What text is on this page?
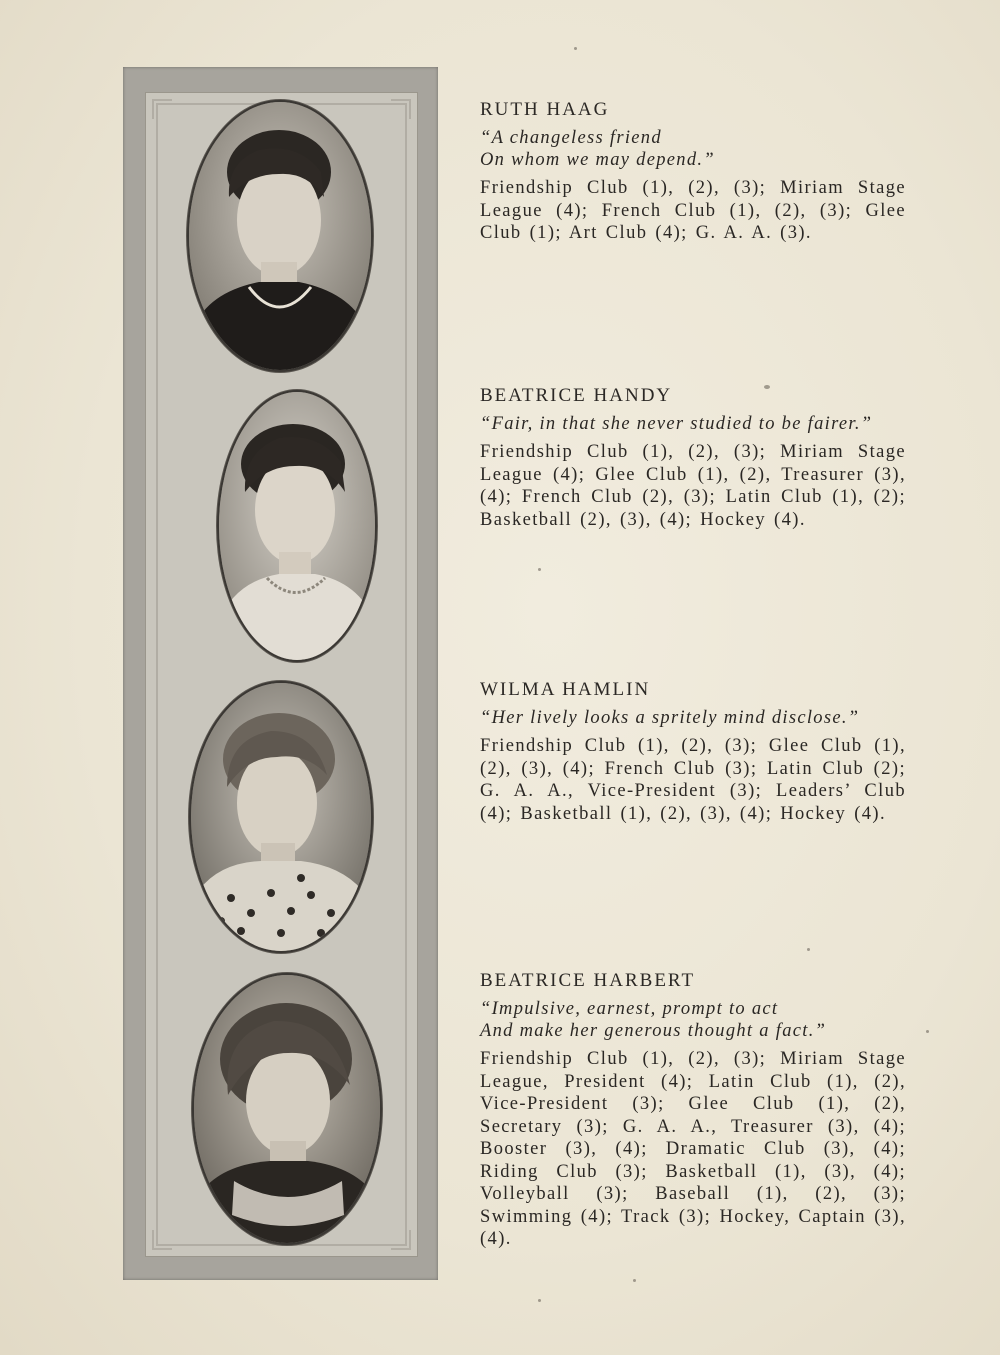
RUTH HAAG

“A changeless friend

On whom we may depend.”

Friendship Club (1), (2), (3); Miriam Stage League (4); French Club (1), (2), (3); Glee Club (1); Art Club (4); G. A. A. (3).

BEATRICE HANDY

“Fair, in that she never studied to be fairer.”

Friendship Club (1), (2), (3); Miriam Stage League (4); Glee Club (1), (2), Treasurer (3), (4); French Club (2), (3); Latin Club (1), (2); Basketball (2), (3), (4); Hockey (4).

WILMA HAMLIN

“Her lively looks a spritely mind disclose.”

Friendship Club (1), (2), (3); Glee Club (1), (2), (3), (4); French Club (3); Latin Club (2); G. A. A., Vice-President (3); Leaders’ Club (4); Basketball (1), (2), (3), (4); Hockey (4).

BEATRICE HARBERT

“Impulsive, earnest, prompt to act

And make her generous thought a fact.”

Friendship Club (1), (2), (3); Miriam Stage League, President (4); Latin Club (1), (2), Vice-President (3); Glee Club (1), (2), Secretary (3); G. A. A., Treasurer (3), (4); Booster (3), (4); Dramatic Club (3), (4); Riding Club (3); Basketball (1), (3), (4); Volleyball (3); Baseball (1), (2), (3); Swimming (4); Track (3); Hockey, Captain (3), (4).
